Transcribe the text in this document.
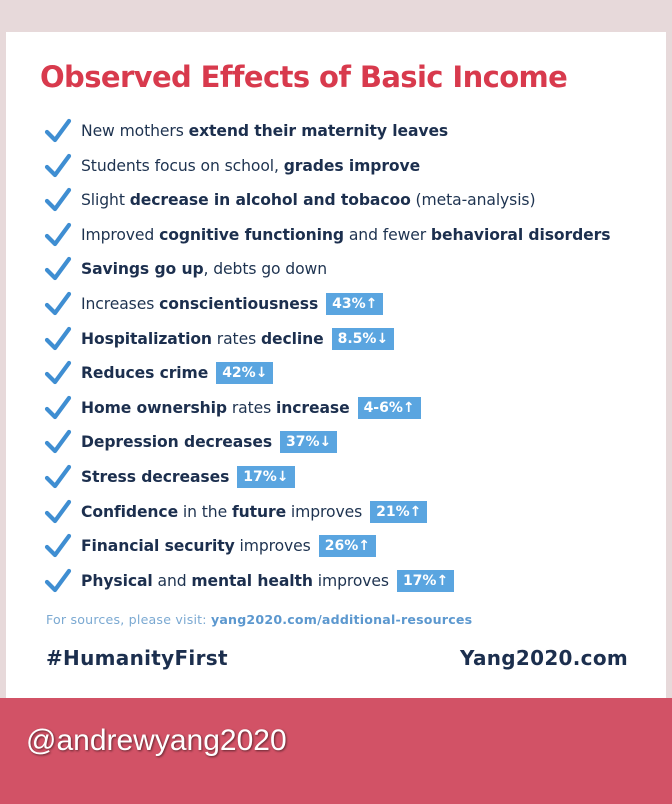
Observed Effects of Basic Income
New mothers extend their maternity leaves
Students focus on school, grades improve
Slight decrease in alcohol and tobacoo (meta-analysis)
Improved cognitive functioning and fewer behavioral disorders
Savings go up, debts go down
Increases conscientiousness	43%↑
Hospitalization rates decline	8.5%↓
Reduces crime	42%↓
Home ownership rates increase	4-6%↑
Depression decreases	37%↓
Stress decreases	17%↓
Confidence in the future improves	21%↑
Financial security improves	26%↑
Physical and mental health improves	17%↑
For sources, please visit: yang2020.com/additional-resources
#HumanityFirst	Yang2020.com
@andrewyang2020
